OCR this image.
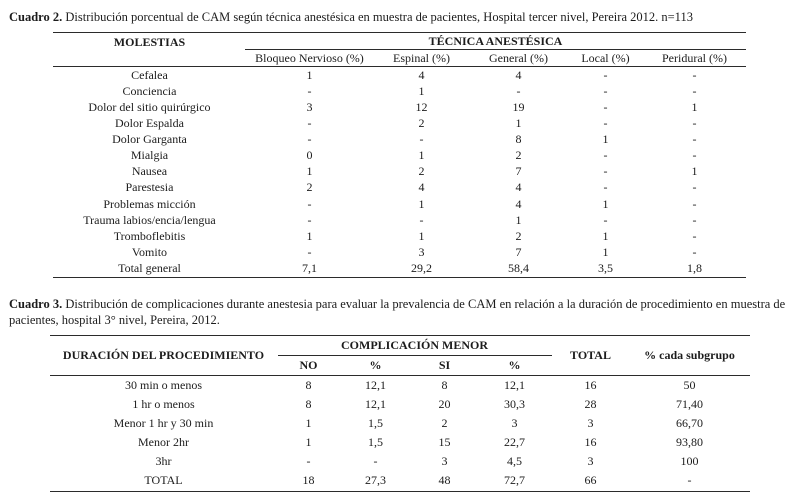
Cuadro 2. Distribución porcentual de CAM según técnica anestésica en muestra de pacientes, Hospital tercer nivel, Pereira 2012. n=113

MOLESTIAS	TÉCNICA ANESTÉSICA				
	Bloqueo Nervioso (%)	Espinal (%)	General (%)	Local (%)	Peridural (%)
Cefalea	1	4	4	-	-
Conciencia	-	1	-	-	-
Dolor del sitio quirúrgico	3	12	19	-	1
Dolor Espalda	-	2	1	-	-
Dolor Garganta	-	-	8	1	-
Mialgia	0	1	2	-	-
Nausea	1	2	7	-	1
Parestesia	2	4	4	-	-
Problemas micción	-	1	4	1	-
Trauma labios/encia/lengua	-	-	1	-	-
Tromboflebitis	1	1	2	1	-
Vomito	-	3	7	1	-
Total general	7,1	29,2	58,4	3,5	1,8

Cuadro 3. Distribución de complicaciones durante anestesia para evaluar la prevalencia de CAM en relación a la duración de procedimiento en muestra de pacientes, hospital 3° nivel, Pereira, 2012.

DURACIÓN DEL PROCEDIMIENTO	COMPLICACIÓN MENOR				TOTAL	% cada subgrupo
	NO	%	SI	%		
30 min o menos	8	12,1	8	12,1	16	50
1 hr o menos	8	12,1	20	30,3	28	71,40
Menor 1 hr y 30 min	1	1,5	2	3	3	66,70
Menor 2hr	1	1,5	15	22,7	16	93,80
3hr	-	-	3	4,5	3	100
TOTAL	18	27,3	48	72,7	66	-
